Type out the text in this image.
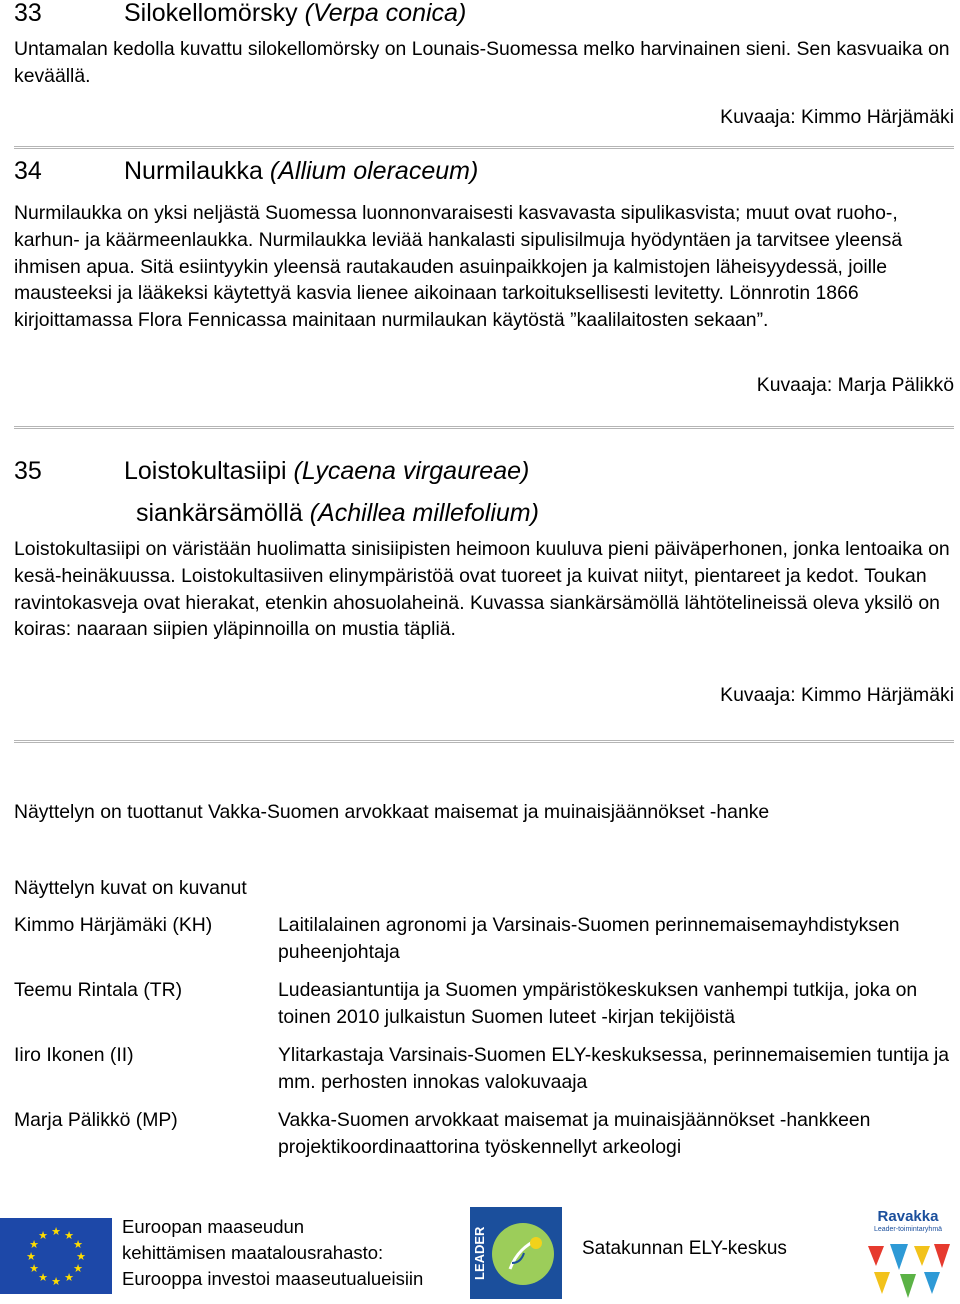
33	Silokellomörsky (Verpa conica)
Untamalan kedolla kuvattu silokellomörsky on Lounais-Suomessa melko harvinainen sieni. Sen kasvuaika on keväällä.
Kuvaaja: Kimmo Härjämäki
34	Nurmilaukka (Allium oleraceum)
Nurmilaukka on yksi neljästä Suomessa luonnonvaraisesti kasvavasta sipulikasvista; muut ovat ruoho-, karhun- ja käärmeenlaukka. Nurmilaukka leviää hankalasti sipulisilmuja hyödyntäen ja tarvitsee yleensä ihmisen apua. Sitä esiintyykin yleensä rautakauden asuinpaikkojen ja kalmistojen läheisyydessä, joille mausteeksi ja lääkeksi käytettyä kasvia lienee aikoinaan tarkoituksellisesti levitetty. Lönnrotin 1866 kirjoittamassa Flora Fennicassa mainitaan nurmilaukan käytöstä ”kaalilaitosten sekaan”.
Kuvaaja: Marja Pälikkö
35	Loistokultasiipi (Lycaena virgaureae)
siankärsämöllä (Achillea millefolium)
Loistokultasiipi on väristään huolimatta sinisiipisten heimoon kuuluva pieni päiväperhonen, jonka lentoaika on kesä-heinäkuussa. Loistokultasiiven elinympäristöä ovat tuoreet ja kuivat niityt, pientareet ja kedot. Toukan ravintokasveja ovat hierakat, etenkin ahosuolaheinä. Kuvassa siankärsämöllä lähtötelineissä oleva yksilö on koiras: naaraan siipien yläpinnoilla on mustia täpliä.
Kuvaaja: Kimmo Härjämäki
Näyttelyn on tuottanut Vakka-Suomen arvokkaat maisemat ja muinaisjäännökset -hanke
Näyttelyn kuvat on kuvanut
Kimmo Härjämäki (KH)	Laitilalainen agronomi ja Varsinais-Suomen perinnemaisemayhdistyksen puheenjohtaja
Teemu Rintala (TR)	Ludeasiantuntija ja Suomen ympäristökeskuksen vanhempi tutkija, joka on toinen 2010 julkaistun Suomen luteet -kirjan tekijöistä
Iiro Ikonen (II)	Ylitarkastaja Varsinais-Suomen ELY-keskuksessa, perinnemaisemien tuntija ja mm. perhosten innokas valokuvaaja
Marja Pälikkö (MP)	Vakka-Suomen arvokkaat maisemat ja muinaisjäännökset -hankkeen projektikoordinaattorina työskennellyt arkeologi
★ ★
★
★
★
★
★
★
★
★
★
★	Euroopan maaseudun
kehittämisen maatalousrahasto:
Eurooppa investoi maaseutualueisiin	LEADER	Satakunnan ELY-keskus
Ravakka
Leader-toimintaryhmä
